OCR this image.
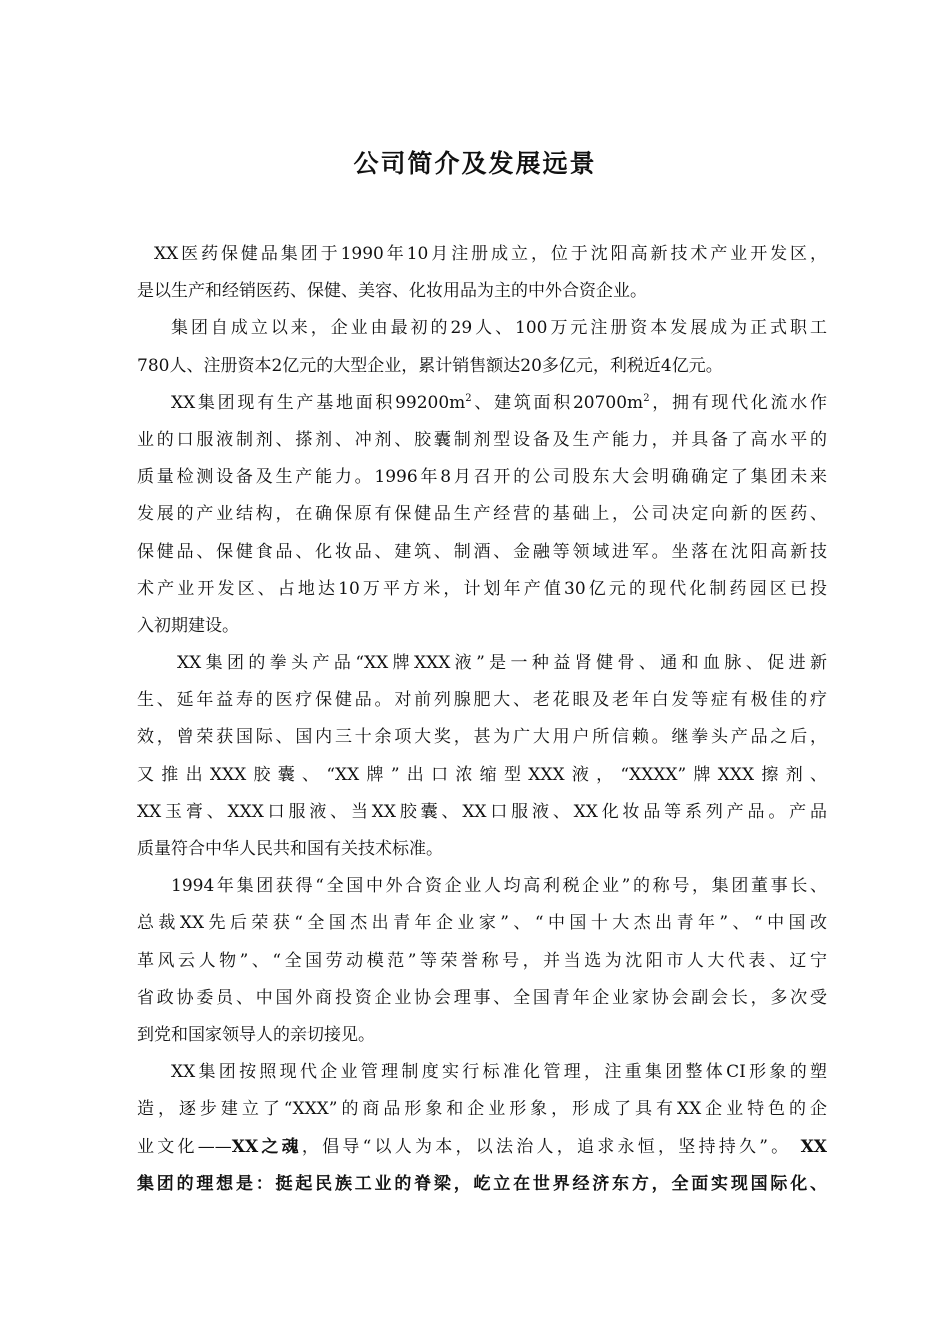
公司简介及发展远景
XX医药保健品集团于1990年10月注册成立，位于沈阳高新技术产业开发区，
是以生产和经销医药、保健、美容、化妆用品为主的中外合资企业。
集团自成立以来，企业由最初的29人、100万元注册资本发展成为正式职工
780人、注册资本2亿元的大型企业，累计销售额达20多亿元，利税近4亿元。
XX集团现有生产基地面积$99200m^2$、建筑面积$20700m^2$，拥有现代化流水作
业的口服液制剂、搽剂、冲剂、胶囊制剂型设备及生产能力，并具备了高水平的
质量检测设备及生产能力。1996年8月召开的公司股东大会明确确定了集团未来
发展的产业结构，在确保原有保健品生产经营的基础上，公司决定向新的医药、
保健品、保健食品、化妆品、建筑、制酒、金融等领域进军。坐落在沈阳高新技
术产业开发区、占地达10万平方米，计划年产值30亿元的现代化制药园区已投
入初期建设。
XX集团的拳头产品“XX牌XXX液”是一种益肾健骨、通和血脉、促进新
生、延年益寿的医疗保健品。对前列腺肥大、老花眼及老年白发等症有极佳的疗
效，曾荣获国际、国内三十余项大奖，甚为广大用户所信赖。继拳头产品之后，
又推出XXX胶囊、“XX牌”出口浓缩型XXX液，“XXXX”牌XXX擦剂、
XX玉膏、XXX口服液、当XX胶囊、XX口服液、XX化妆品等系列产品。产品
质量符合中华人民共和国有关技术标准。
1994年集团获得“全国中外合资企业人均高利税企业”的称号，集团董事长、
总裁XX先后荣获“全国杰出青年企业家”、“中国十大杰出青年”、“中国改
革风云人物”、“全国劳动模范”等荣誉称号，并当选为沈阳市人大代表、辽宁
省政协委员、中国外商投资企业协会理事、全国青年企业家协会副会长，多次受
到党和国家领导人的亲切接见。
XX集团按照现代企业管理制度实行标准化管理，注重集团整体CI形象的塑
造，逐步建立了“XXX”的商品形象和企业形象，形成了具有XX企业特色的企
业文化——XX之魂，倡导“以人为本，以法治人，追求永恒，坚持持久”。 XX
集团的理想是：挺起民族工业的脊梁，屹立在世界经济东方，全面实现国际化、
